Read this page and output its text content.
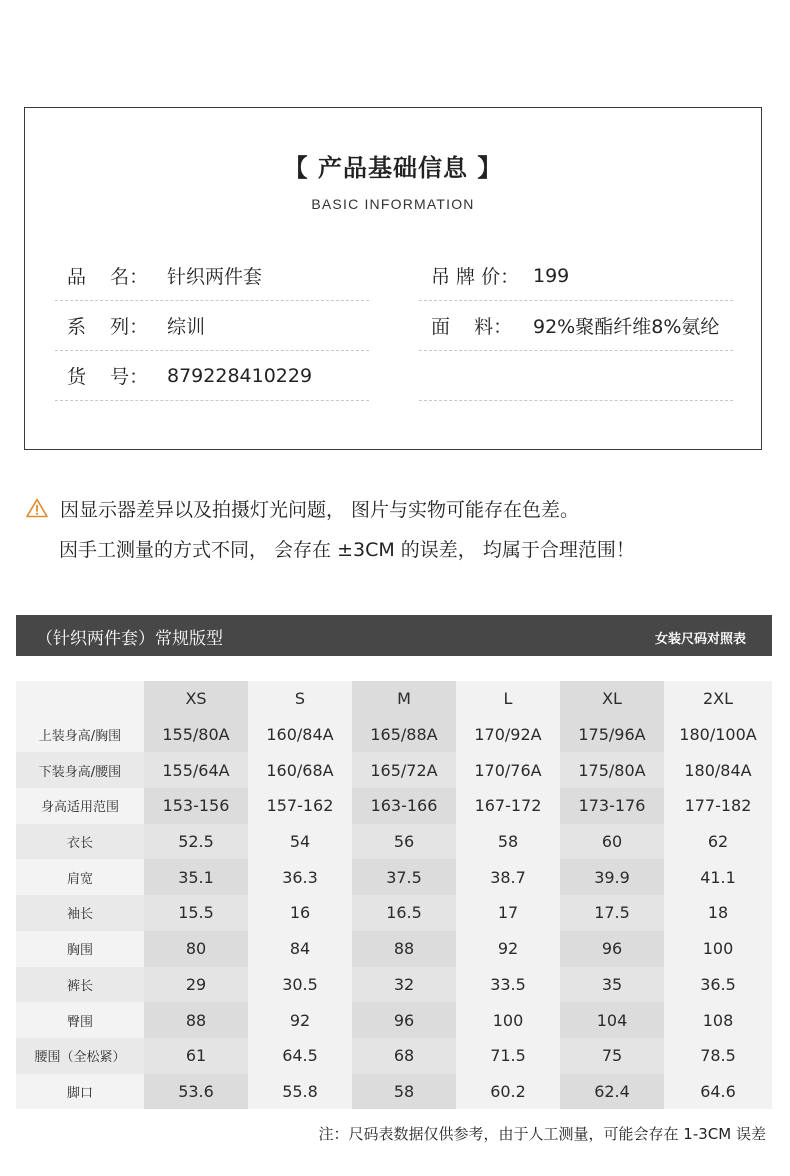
【 产品基础信息 】
BASIC INFORMATION
品    名： 针织两件套
系    列： 综训
货    号： 879228410229
吊 牌 价： 199
面    料：	92%聚酯纤维8%氨纶
因显示器差异以及拍摄灯光问题， 图片与实物可能存在色差。
因手工测量的方式不同， 会存在 ±3CM 的误差， 均属于合理范围！
（针织两件套）常规版型	女装尺码对照表
	XS	S	M	L	XL	2XL
上装身高/胸围	155/80A	160/84A	165/88A	170/92A	175/96A	180/100A
下装身高/腰围	155/64A	160/68A	165/72A	170/76A	175/80A	180/84A
身高适用范围	153-156	157-162	163-166	167-172	173-176	177-182
衣长	52.5	54	56	58	60	62
肩宽	35.1	36.3	37.5	38.7	39.9	41.1
袖长	15.5	16	16.5	17	17.5	18
胸围	80	84	88	92	96	100
裤长	29	30.5	32	33.5	35	36.5
臀围	88	92	96	100	104	108
腰围（全松紧）	61	64.5	68	71.5	75	78.5
脚口	53.6	55.8	58	60.2	62.4	64.6
注：尺码表数据仅供参考，由于人工测量，可能会存在 1-3CM 误差
